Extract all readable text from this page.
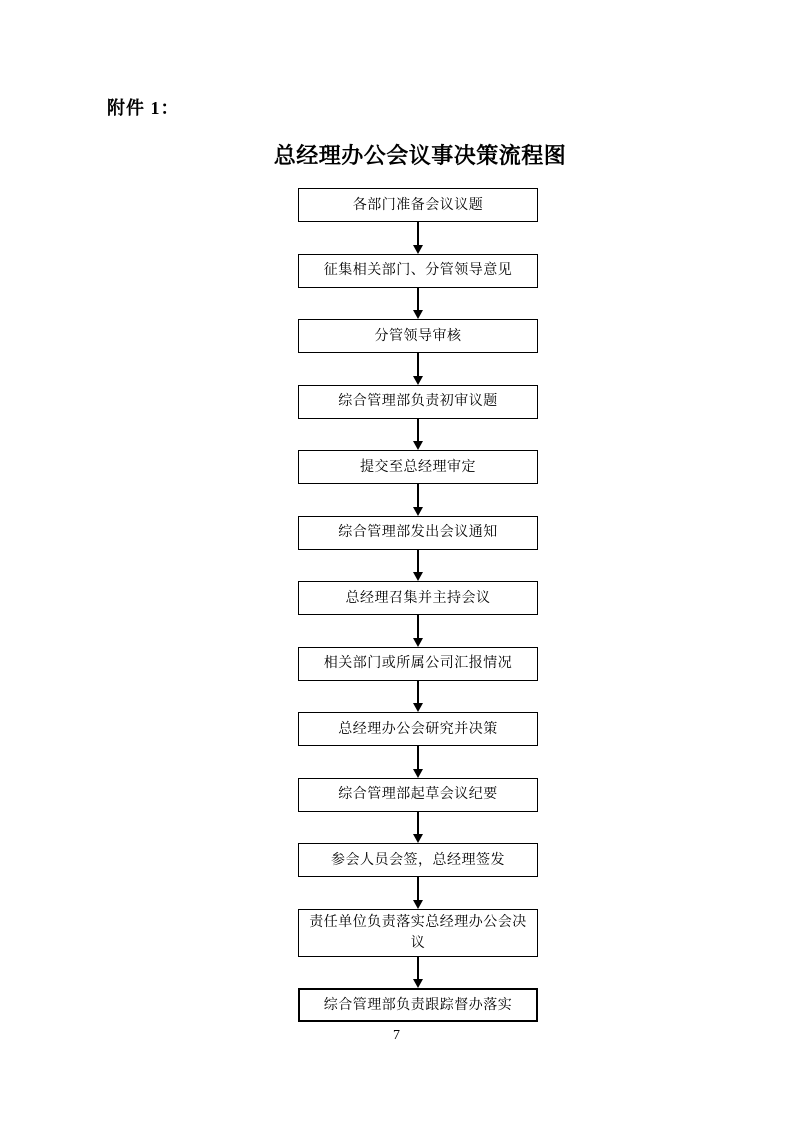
附件 1：
总经理办公会议事决策流程图
各部门准备会议议题
征集相关部门、分管领导意见
分管领导审核
综合管理部负责初审议题
提交至总经理审定
综合管理部发出会议通知
总经理召集并主持会议
相关部门或所属公司汇报情况
总经理办公会研究并决策
综合管理部起草会议纪要
参会人员会签，总经理签发
责任单位负责落实总经理办公会决议
综合管理部负责跟踪督办落实
7
